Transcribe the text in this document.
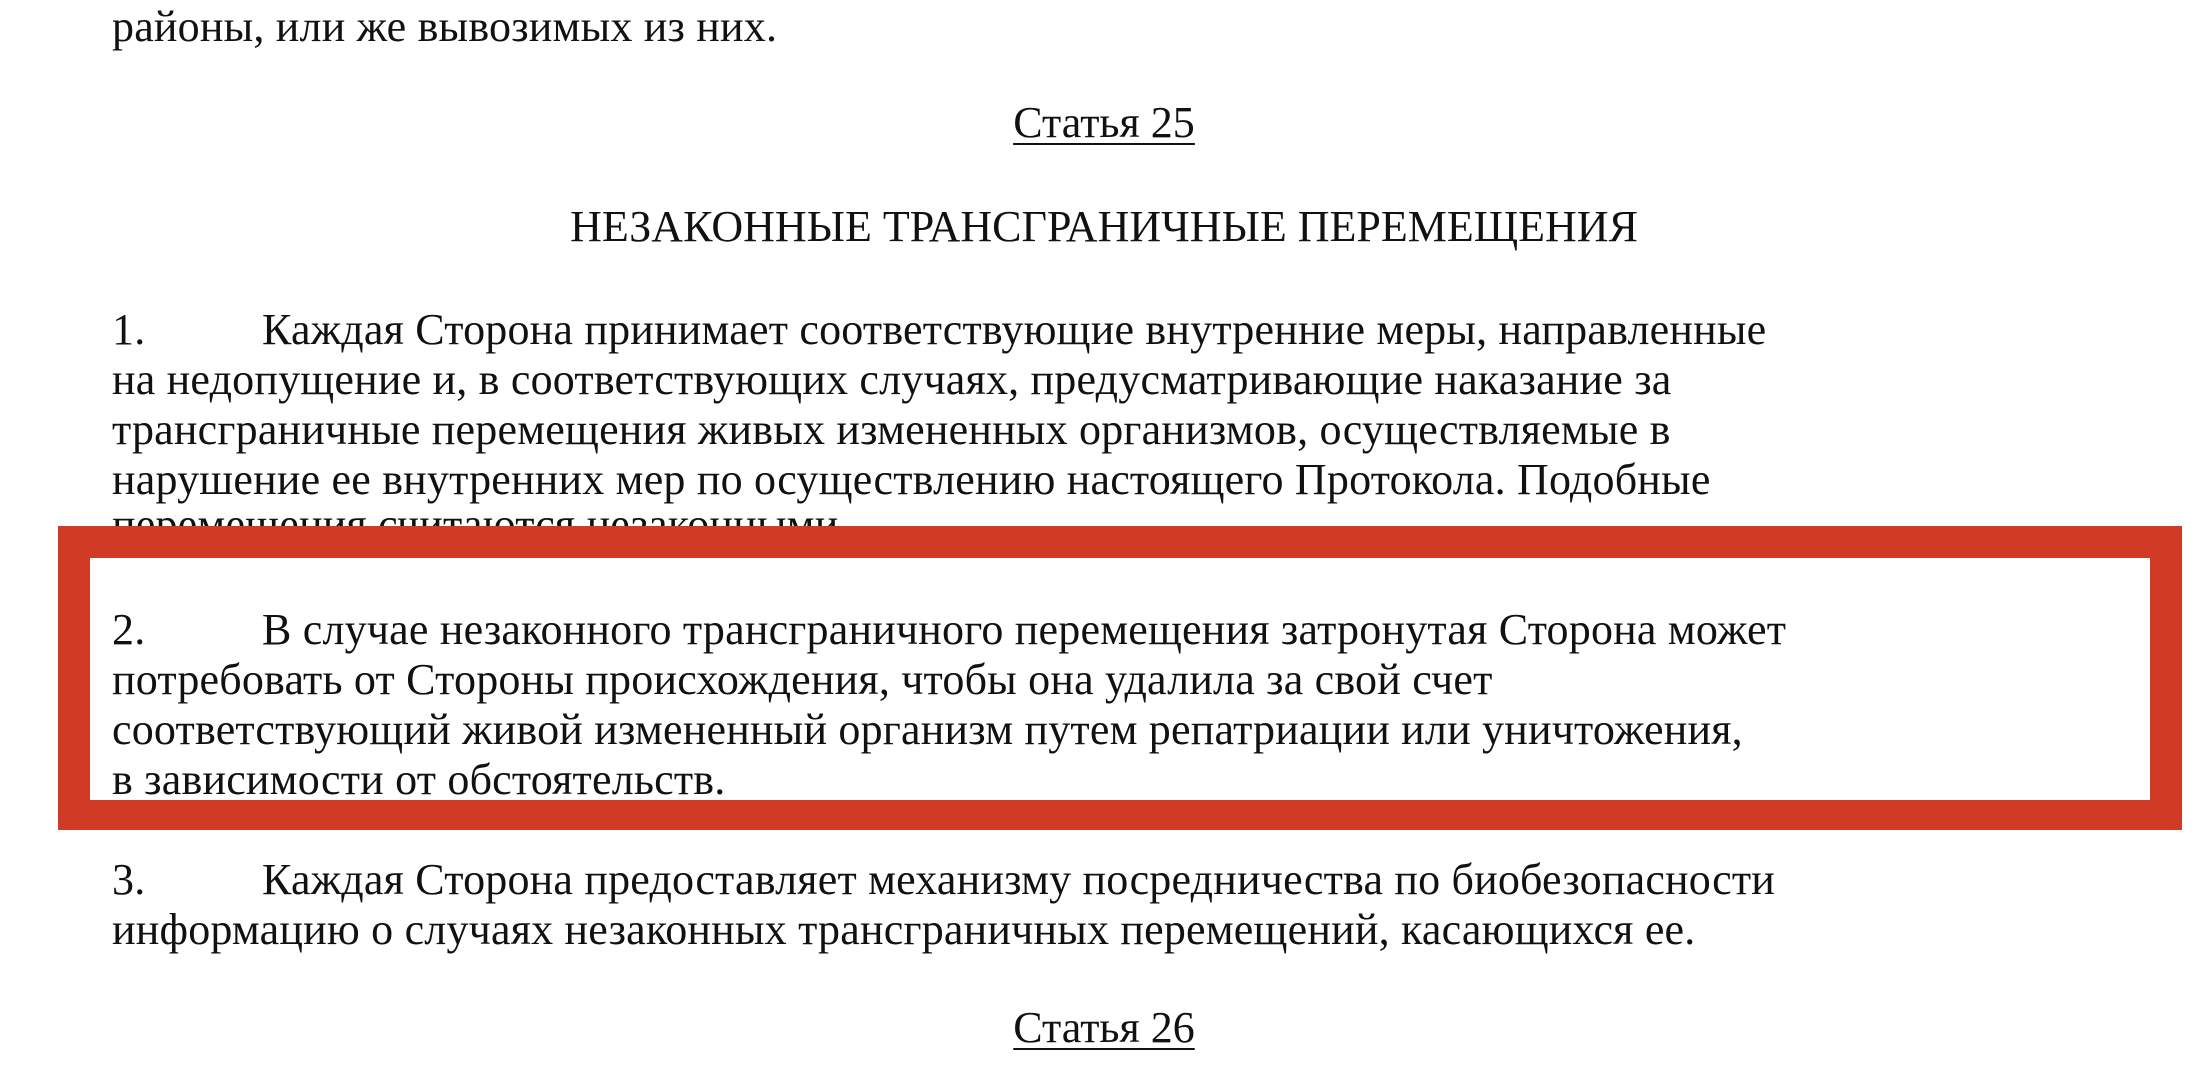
районы, или же вывозимых из них.
Статья 25
НЕЗАКОННЫЕ ТРАНСГРАНИЧНЫЕ ПЕРЕМЕЩЕНИЯ
1.	Каждая Сторона принимает соответствующие внутренние меры, направленные
на недопущение и, в соответствующих случаях, предусматривающие наказание за
трансграничные перемещения живых измененных организмов, осуществляемые в
нарушение ее внутренних мер по осуществлению настоящего Протокола. Подобные
перемещения считаются незаконными.
2.	В случае незаконного трансграничного перемещения затронутая Сторона может
потребовать от Стороны происхождения, чтобы она удалила за свой счет
соответствующий живой измененный организм путем репатриации или уничтожения,
в зависимости от обстоятельств.
3.	Каждая Сторона предоставляет механизму посредничества по биобезопасности
информацию о случаях незаконных трансграничных перемещений, касающихся ее.
Статья 26
